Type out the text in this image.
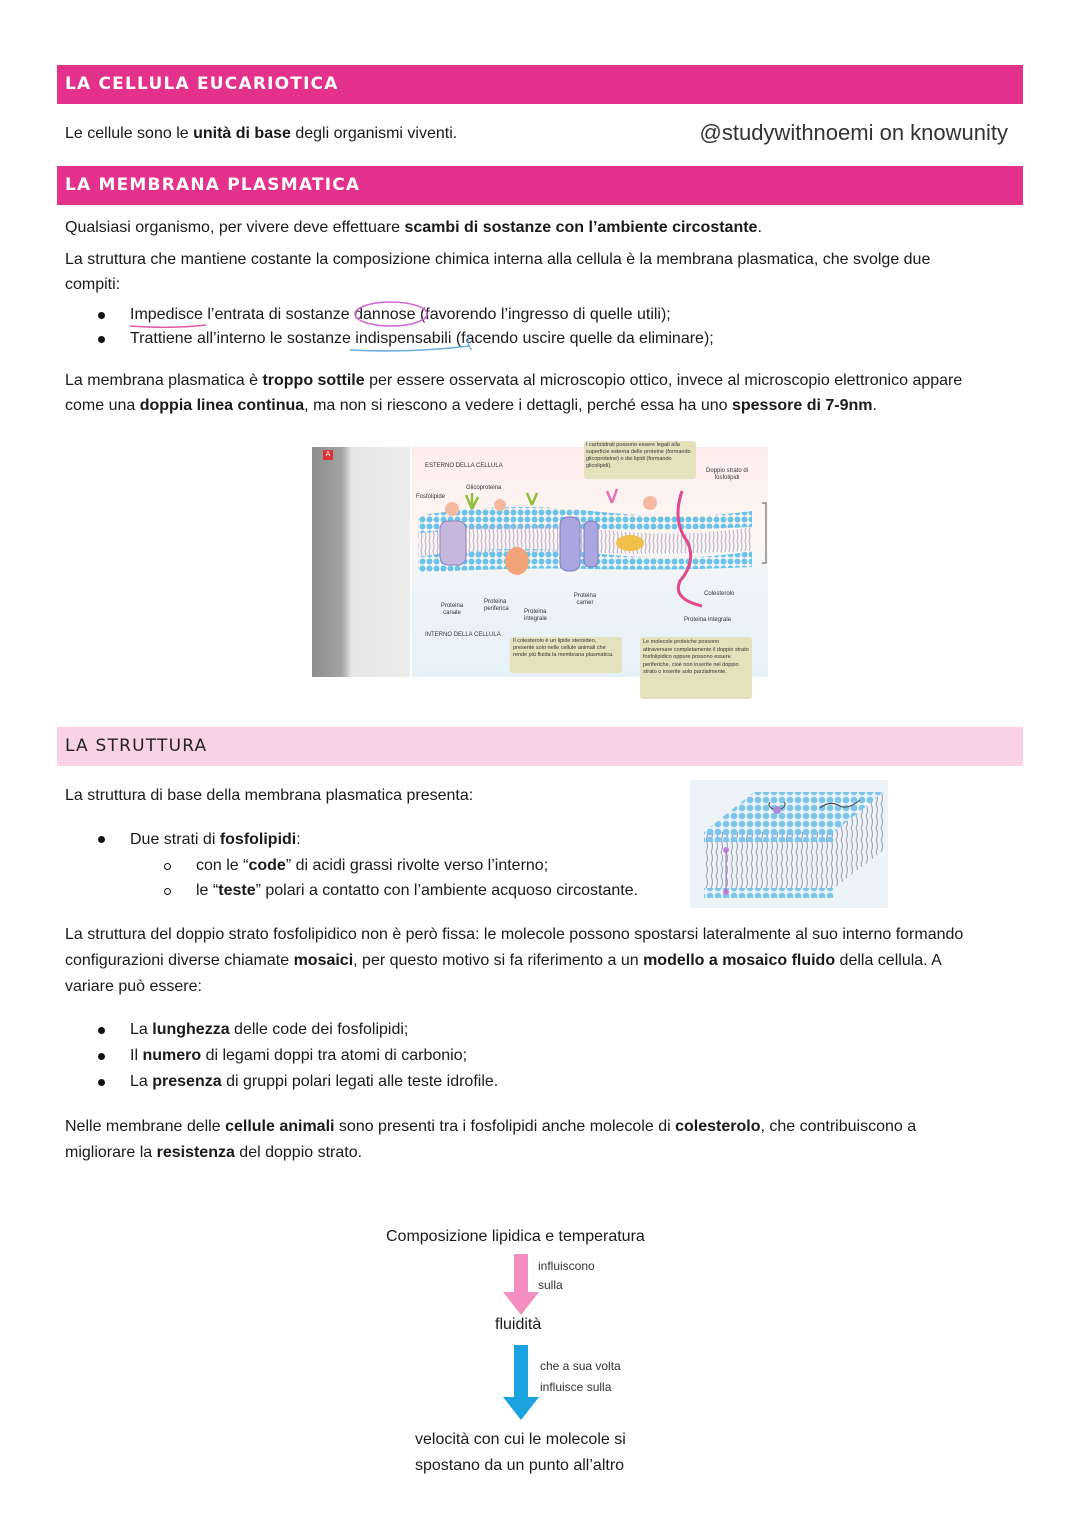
LA CELLULA EUCARIOTICA
Le cellule sono le unità di base degli organismi viventi.	@studywithnoemi on knowunity
LA MEMBRANA PLASMATICA
Qualsiasi organismo, per vivere deve effettuare scambi di sostanze con l’ambiente circostante.
La struttura che mantiene costante la composizione chimica interna alla cellula è la membrana plasmatica, che svolge due
compiti:
Impedisce l’entrata di sostanze dannose (favorendo l’ingresso di quelle utili);
Trattiene all’interno le sostanze indispensabili (facendo uscire quelle da eliminare);
La membrana plasmatica è troppo sottile per essere osservata al microscopio ottico, invece al microscopio elettronico appare
come una doppia linea continua, ma non si riescono a vedere i dettagli, perché essa ha uno spessore di 7-9nm.
A
ESTERNO DELLA CELLULA
Glicoproteina
Fosfolipide
Doppio strato di fosfolipidi
Proteina canale
Proteina periferica	Proteina integrale
Proteina carrier
Colesterolo
Proteina integrale
INTERNO DELLA CELLULA
I carboidrati possono essere legati alla superficie esterna delle proteine (formando glicoproteine) o dei lipidi (formando glicolipidi).
Il colesterolo è un lipide steroideo, presente solo nelle cellule animali che rende più fluida la membrana plasmatica.
Le molecole proteiche possono attraversare completamente il doppio strato fosfolipidico oppure possono essere periferiche, cioè non inserite nel doppio strato o inserite solo parzialmente.
LA STRUTTURA
La struttura di base della membrana plasmatica presenta:
Due strati di fosfolipidi:
con le “code” di acidi grassi rivolte verso l’interno;
le “teste” polari a contatto con l’ambiente acquoso circostante.
La struttura del doppio strato fosfolipidico non è però fissa: le molecole possono spostarsi lateralmente al suo interno formando
configurazioni diverse chiamate mosaici, per questo motivo si fa riferimento a un modello a mosaico fluido della cellula. A
variare può essere:
La lunghezza delle code dei fosfolipidi;
Il numero di legami doppi tra atomi di carbonio;
La presenza di gruppi polari legati alle teste idrofile.
Nelle membrane delle cellule animali sono presenti tra i fosfolipidi anche molecole di colesterolo, che contribuiscono a
migliorare la resistenza del doppio strato.
Composizione lipidica e temperatura
influiscono
sulla
fluidità
che a sua volta
influisce sulla
velocità con cui le molecole si
spostano da un punto all’altro
